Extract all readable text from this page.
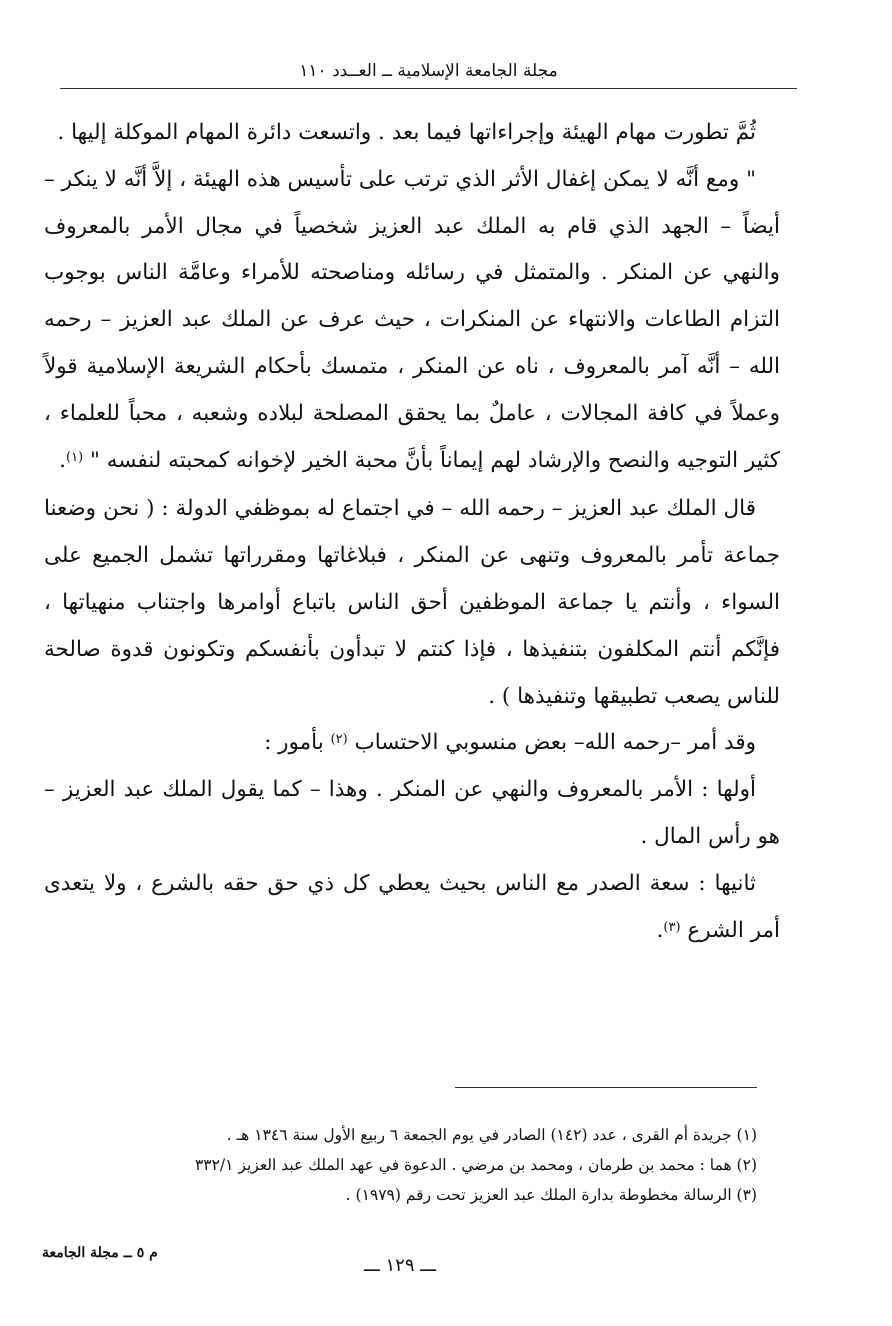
مجلة الجامعة الإسلامية ــ العــدد ١١٠

ثُمَّ تطورت مهام الهيئة وإجراءاتها فيما بعد . واتسعت دائرة المهام الموكلة إليها .

" ومع أنَّه لا يمكن إغفال الأثر الذي ترتب على تأسيس هذه الهيئة ، إلاَّ أنَّه لا ينكر – أيضاً – الجهد الذي قام به الملك عبد العزيز شخصياً في مجال الأمر بالمعروف والنهي عن المنكر . والمتمثل في رسائله ومناصحته للأمراء وعامَّة الناس بوجوب التزام الطاعات والانتهاء عن المنكرات ، حيث عرف عن الملك عبد العزيز – رحمه الله – أنَّه آمر بالمعروف ، ناه عن المنكر ، متمسك بأحكام الشريعة الإسلامية قولاً وعملاً في كافة المجالات ، عاملٌ بما يحقق المصلحة لبلاده وشعبه ، محباً للعلماء ، كثير التوجيه والنصح والإرشاد لهم إيماناً بأنَّ محبة الخير لإخوانه كمحبته لنفسه " $^{(١)}$.

قال الملك عبد العزيز – رحمه الله – في اجتماع له بموظفي الدولة : ( نحن وضعنا جماعة تأمر بالمعروف وتنهى عن المنكر ، فبلاغاتها ومقرراتها تشمل الجميع على السواء ، وأنتم يا جماعة الموظفين أحق الناس باتباع أوامرها واجتناب منهياتها ، فإنَّكم أنتم المكلفون بتنفيذها ، فإذا كنتم لا تبدأون بأنفسكم وتكونون قدوة صالحة للناس يصعب تطبيقها وتنفيذها ) .

وقد أمر –رحمه الله– بعض منسوبي الاحتساب $^{(٢)}$ بأمور :

أولها : الأمر بالمعروف والنهي عن المنكر . وهذا – كما يقول الملك عبد العزيز – هو رأس المال .

ثانيها : سعة الصدر مع الناس بحيث يعطي كل ذي حق حقه بالشرع ، ولا يتعدى أمر الشرع $^{(٣)}$.

(١) جريدة أم القرى ، عدد (١٤٢) الصادر في يوم الجمعة ٦ ربيع الأول سنة ١٣٤٦ هـ .
(٢) هما : محمد بن طرمان ، ومحمد بن مرضي . الدعوة في عهد الملك عبد العزيز ٣٣٢/١
(٣) الرسالة مخطوطة بدارة الملك عبد العزيز تحت رقم (١٩٧٩) .
م ٥ ــ مجلة الجامعة
ـــ ١٢٩ ـــ
